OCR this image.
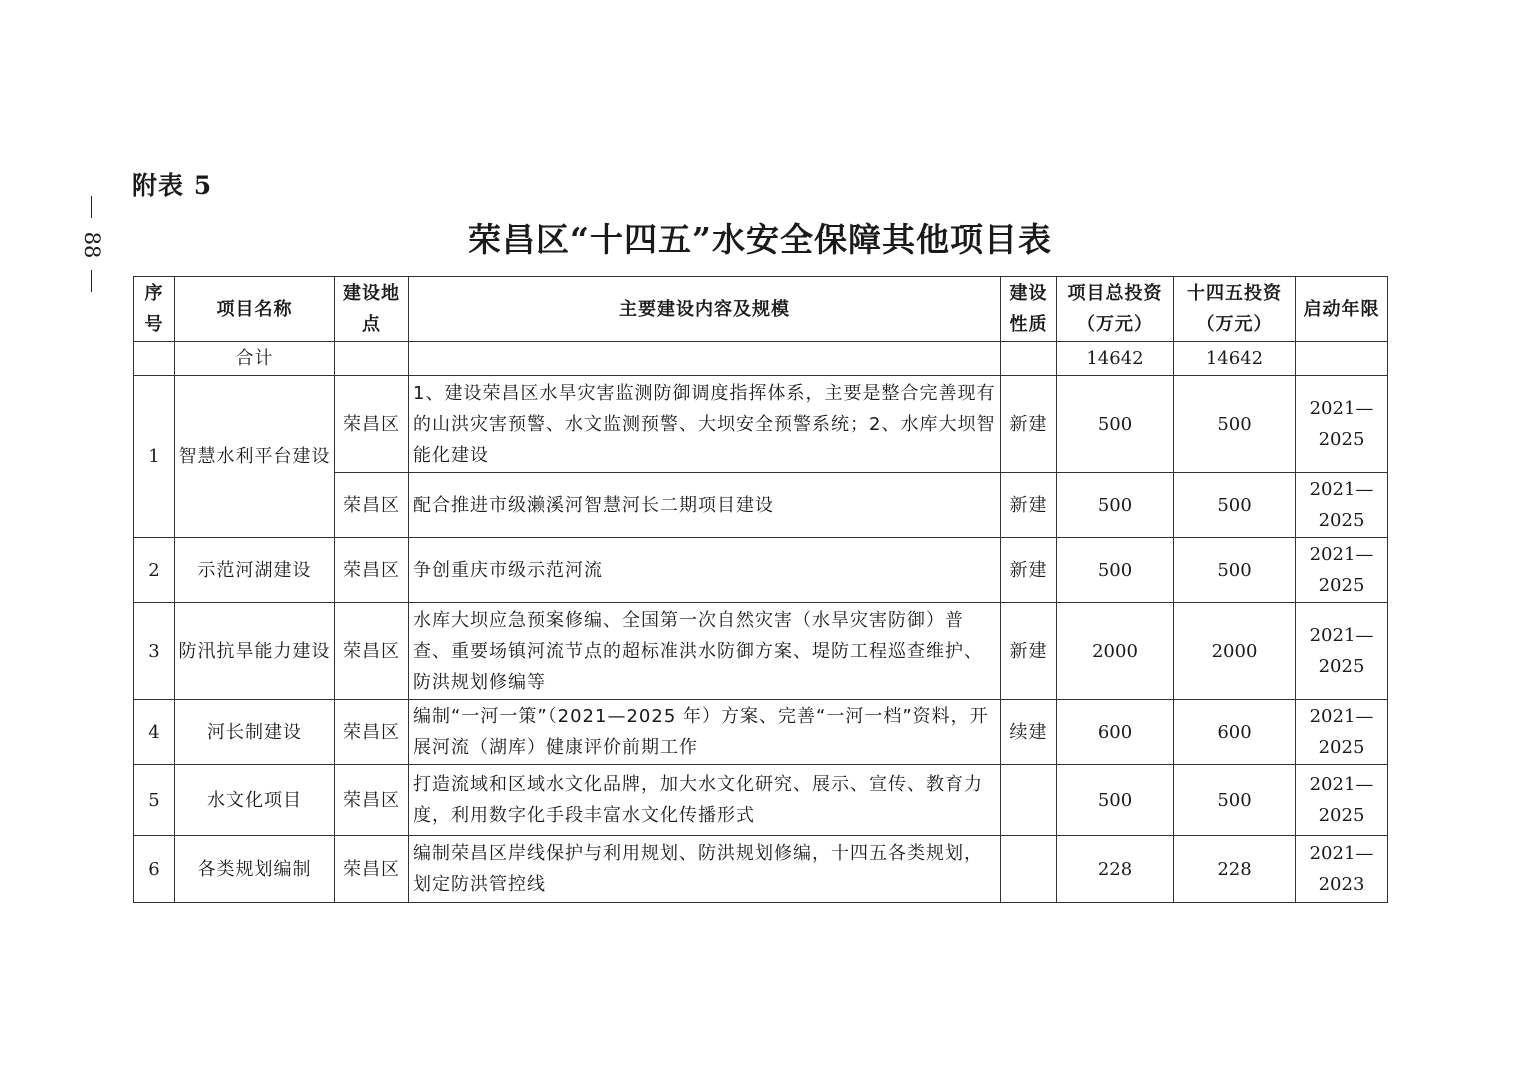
附表 5
88	荣昌区“十四五”水安全保障其他项目表
序号	项目名称	建设地点	主要建设内容及规模	建设性质	项目总投资（万元）	十四五投资（万元）	启动年限
	合计				14642	14642	
1	智慧水利平台建设	荣昌区	1、建设荣昌区水旱灾害监测防御调度指挥体系，主要是整合完善现有的山洪灾害预警、水文监测预警、大坝安全预警系统；2、水库大坝智能化建设	新建	500	500	2021—2025
		荣昌区	配合推进市级濑溪河智慧河长二期项目建设	新建	500	500	2021—2025
2	示范河湖建设	荣昌区	争创重庆市级示范河流	新建	500	500	2021—2025
3	防汛抗旱能力建设	荣昌区	水库大坝应急预案修编、全国第一次自然灾害（水旱灾害防御）普查、重要场镇河流节点的超标准洪水防御方案、堤防工程巡查维护、防洪规划修编等	新建	2000	2000	2021—2025
4	河长制建设	荣昌区	编制“一河一策”（2021—2025 年）方案、完善“一河一档”资料，开展河流（湖库）健康评价前期工作	续建	600	600	2021—2025
5	水文化项目	荣昌区	打造流域和区域水文化品牌，加大水文化研究、展示、宣传、教育力度，利用数字化手段丰富水文化传播形式		500	500	2021—2025
6	各类规划编制	荣昌区	编制荣昌区岸线保护与利用规划、防洪规划修编，十四五各类规划，划定防洪管控线		228	228	2021—2023
